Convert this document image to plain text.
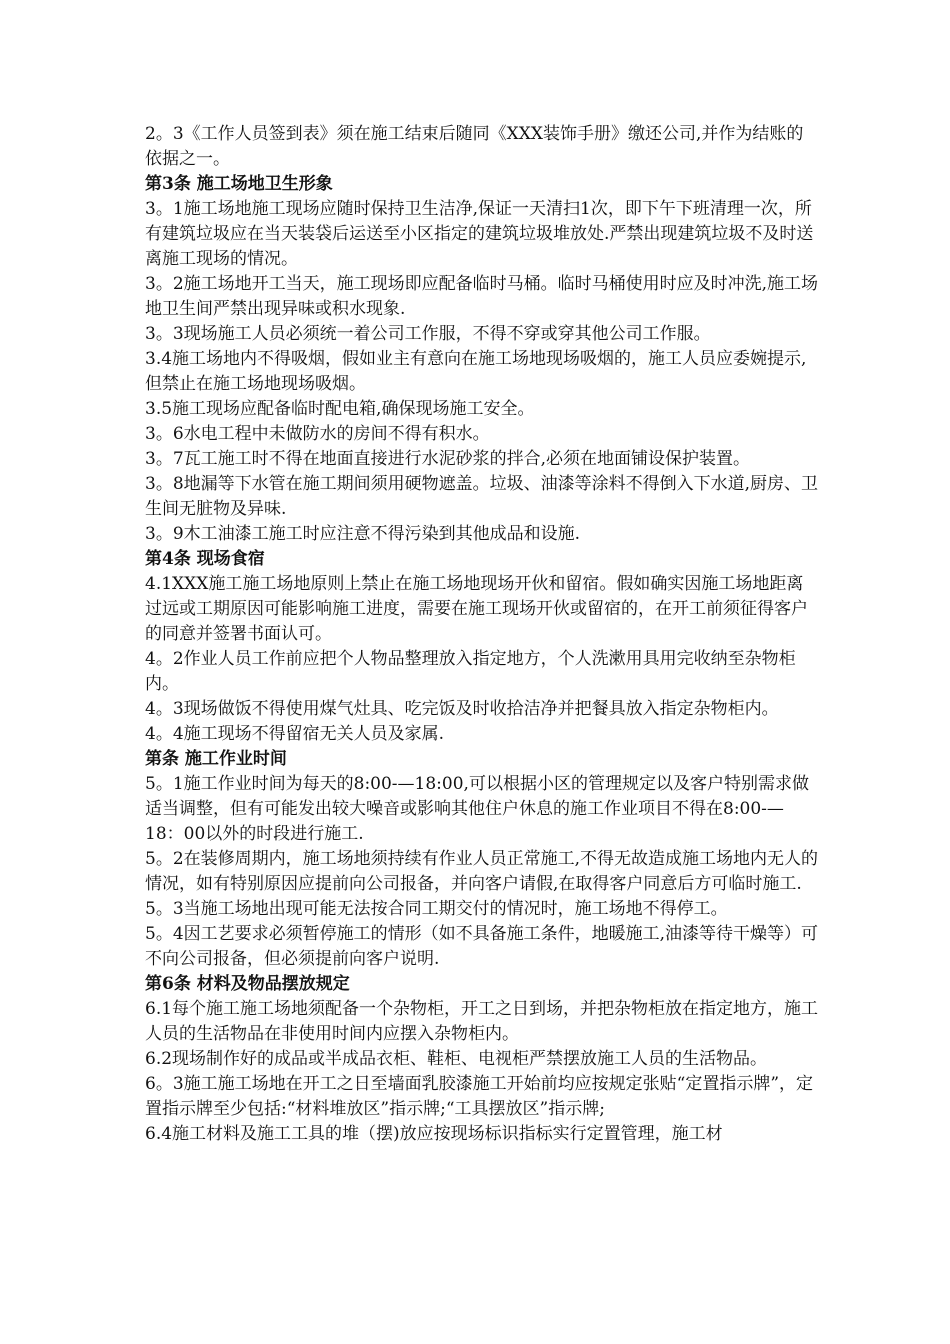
2。3《工作人员签到表》须在施工结束后随同《XXX装饰手册》缴还公司,并作为结账的依据之一。

第3条 施工场地卫生形象

3。1施工场地施工现场应随时保持卫生洁净,保证一天清扫1次，即下午下班清理一次，所有建筑垃圾应在当天装袋后运送至小区指定的建筑垃圾堆放处.严禁出现建筑垃圾不及时送离施工现场的情况。

3。2施工场地开工当天，施工现场即应配备临时马桶。临时马桶使用时应及时冲洗,施工场地卫生间严禁出现异味或积水现象.

3。3现场施工人员必须统一着公司工作服，不得不穿或穿其他公司工作服。

3.4施工场地内不得吸烟，假如业主有意向在施工场地现场吸烟的，施工人员应委婉提示,但禁止在施工场地现场吸烟。

3.5施工现场应配备临时配电箱,确保现场施工安全。

3。6水电工程中未做防水的房间不得有积水。

3。7瓦工施工时不得在地面直接进行水泥砂浆的拌合,必须在地面铺设保护装置。

3。8地漏等下水管在施工期间须用硬物遮盖。垃圾、油漆等涂料不得倒入下水道,厨房、卫生间无脏物及异味.

3。9木工油漆工施工时应注意不得污染到其他成品和设施.

第4条 现场食宿

4.1XXX施工施工场地原则上禁止在施工场地现场开伙和留宿。假如确实因施工场地距离过远或工期原因可能影响施工进度，需要在施工现场开伙或留宿的，在开工前须征得客户的同意并签署书面认可。

4。2作业人员工作前应把个人物品整理放入指定地方，个人洗漱用具用完收纳至杂物柜内。

4。3现场做饭不得使用煤气灶具、吃完饭及时收拾洁净并把餐具放入指定杂物柜内。

4。4施工现场不得留宿无关人员及家属.

第条 施工作业时间

5。1施工作业时间为每天的8:00-—18:00,可以根据小区的管理规定以及客户特别需求做适当调整，但有可能发出较大噪音或影响其他住户休息的施工作业项目不得在8:00-—18：00以外的时段进行施工.

5。2在装修周期内，施工场地须持续有作业人员正常施工,不得无故造成施工场地内无人的情况，如有特别原因应提前向公司报备，并向客户请假,在取得客户同意后方可临时施工.

5。3当施工场地出现可能无法按合同工期交付的情况时，施工场地不得停工。

5。4因工艺要求必须暂停施工的情形（如不具备施工条件，地暖施工,油漆等待干燥等）可不向公司报备，但必须提前向客户说明.

第6条 材料及物品摆放规定

6.1每个施工施工场地须配备一个杂物柜，开工之日到场，并把杂物柜放在指定地方，施工人员的生活物品在非使用时间内应摆入杂物柜内。

6.2现场制作好的成品或半成品衣柜、鞋柜、电视柜严禁摆放施工人员的生活物品。

6。3施工施工场地在开工之日至墙面乳胶漆施工开始前均应按规定张贴“定置指示牌”，定置指示牌至少包括:“材料堆放区”指示牌;“工具摆放区”指示牌;

6.4施工材料及施工工具的堆（摆)放应按现场标识指标实行定置管理，施工材
